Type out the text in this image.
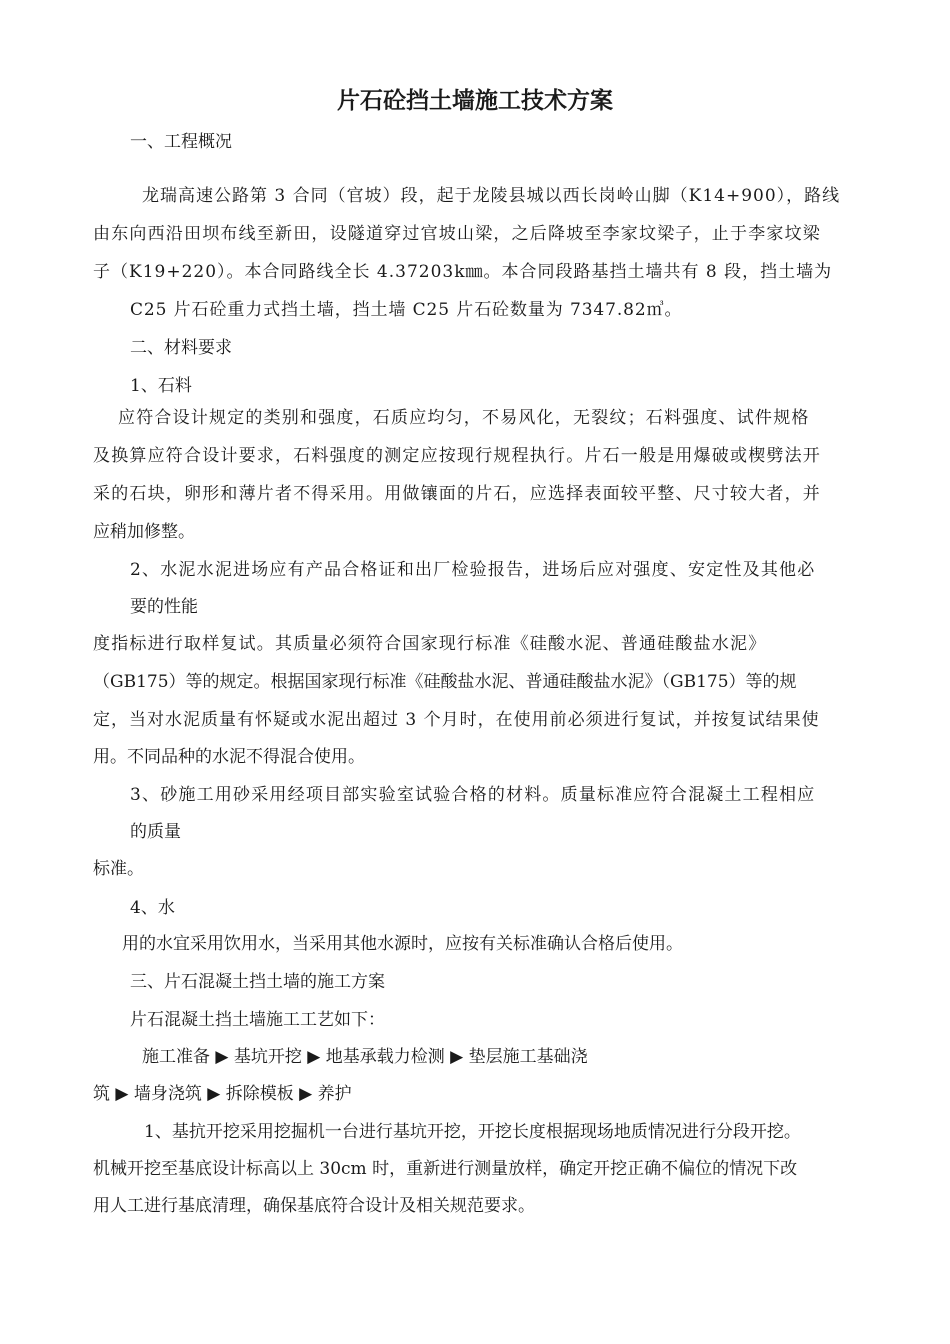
片石砼挡土墙施工技术方案

一、工程概况

龙瑞高速公路第 3 合同（官坡）段，起于龙陵县城以西长岗岭山脚（K14+900），路线

由东向西沿田坝布线至新田，设隧道穿过官坡山梁，之后降坡至李家坟梁子，止于李家坟梁

子（K19+220）。本合同路线全长 4.37203k㎜。本合同段路基挡土墙共有 8 段，挡土墙为

C25 片石砼重力式挡土墙，挡土墙 C25 片石砼数量为 7347.82㎥。

二、材料要求

1、石料

应符合设计规定的类别和强度，石质应均匀，不易风化，无裂纹；石料强度、试件规格

及换算应符合设计要求，石料强度的测定应按现行规程执行。片石一般是用爆破或楔劈法开

采的石块，卵形和薄片者不得采用。用做镶面的片石，应选择表面较平整、尺寸较大者，并

应稍加修整。

2、水泥水泥进场应有产品合格证和出厂检验报告，进场后应对强度、安定性及其他必

要的性能

度指标进行取样复试。其质量必须符合国家现行标准《硅酸水泥、普通硅酸盐水泥》

（GB175）等的规定。根据国家现行标准《硅酸盐水泥、普通硅酸盐水泥》（GB175）等的规

定，当对水泥质量有怀疑或水泥出超过 3 个月时，在使用前必须进行复试，并按复试结果使

用。不同品种的水泥不得混合使用。

3、砂施工用砂采用经项目部实验室试验合格的材料。质量标准应符合混凝土工程相应

的质量

标准。

4、水

用的水宜采用饮用水，当采用其他水源时，应按有关标准确认合格后使用。

三、片石混凝土挡土墙的施工方案

片石混凝土挡土墙施工工艺如下：

施工准备 ▶ 基坑开挖 ▶ 地基承载力检测 ▶ 垫层施工基础浇

筑 ▶ 墙身浇筑 ▶ 拆除模板 ▶ 养护

1、基抗开挖采用挖掘机一台进行基坑开挖，开挖长度根据现场地质情况进行分段开挖。

机械开挖至基底设计标高以上 30cm 时，重新进行测量放样，确定开挖正确不偏位的情况下改

用人工进行基底清理，确保基底符合设计及相关规范要求。
